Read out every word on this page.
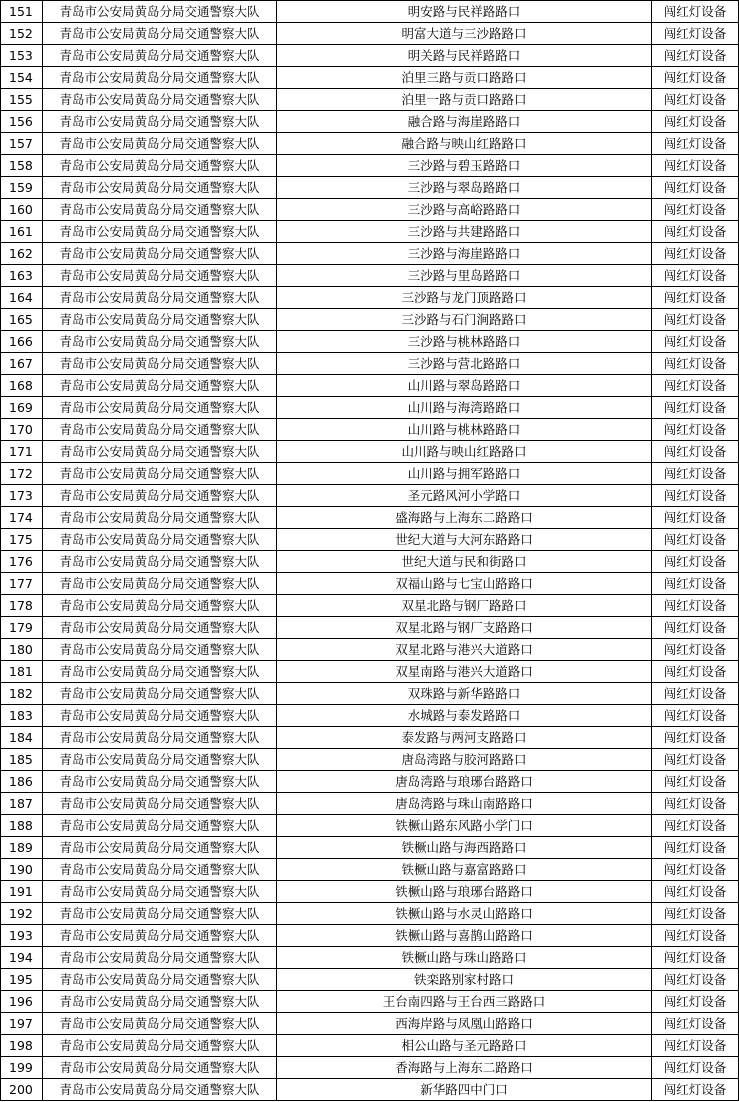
151	青岛市公安局黄岛分局交通警察大队	明安路与民祥路路口	闯红灯设备
152	青岛市公安局黄岛分局交通警察大队	明富大道与三沙路路口	闯红灯设备
153	青岛市公安局黄岛分局交通警察大队	明关路与民祥路路口	闯红灯设备
154	青岛市公安局黄岛分局交通警察大队	泊里三路与贡口路路口	闯红灯设备
155	青岛市公安局黄岛分局交通警察大队	泊里一路与贡口路路口	闯红灯设备
156	青岛市公安局黄岛分局交通警察大队	融合路与海崖路路口	闯红灯设备
157	青岛市公安局黄岛分局交通警察大队	融合路与映山红路路口	闯红灯设备
158	青岛市公安局黄岛分局交通警察大队	三沙路与碧玉路路口	闯红灯设备
159	青岛市公安局黄岛分局交通警察大队	三沙路与翠岛路路口	闯红灯设备
160	青岛市公安局黄岛分局交通警察大队	三沙路与高峪路路口	闯红灯设备
161	青岛市公安局黄岛分局交通警察大队	三沙路与共建路路口	闯红灯设备
162	青岛市公安局黄岛分局交通警察大队	三沙路与海崖路路口	闯红灯设备
163	青岛市公安局黄岛分局交通警察大队	三沙路与里岛路路口	闯红灯设备
164	青岛市公安局黄岛分局交通警察大队	三沙路与龙门顶路路口	闯红灯设备
165	青岛市公安局黄岛分局交通警察大队	三沙路与石门涧路路口	闯红灯设备
166	青岛市公安局黄岛分局交通警察大队	三沙路与桃林路路口	闯红灯设备
167	青岛市公安局黄岛分局交通警察大队	三沙路与营北路路口	闯红灯设备
168	青岛市公安局黄岛分局交通警察大队	山川路与翠岛路路口	闯红灯设备
169	青岛市公安局黄岛分局交通警察大队	山川路与海湾路路口	闯红灯设备
170	青岛市公安局黄岛分局交通警察大队	山川路与桃林路路口	闯红灯设备
171	青岛市公安局黄岛分局交通警察大队	山川路与映山红路路口	闯红灯设备
172	青岛市公安局黄岛分局交通警察大队	山川路与拥军路路口	闯红灯设备
173	青岛市公安局黄岛分局交通警察大队	圣元路风河小学路口	闯红灯设备
174	青岛市公安局黄岛分局交通警察大队	盛海路与上海东二路路口	闯红灯设备
175	青岛市公安局黄岛分局交通警察大队	世纪大道与大河东路路口	闯红灯设备
176	青岛市公安局黄岛分局交通警察大队	世纪大道与民和街路口	闯红灯设备
177	青岛市公安局黄岛分局交通警察大队	双福山路与七宝山路路口	闯红灯设备
178	青岛市公安局黄岛分局交通警察大队	双星北路与钢厂路路口	闯红灯设备
179	青岛市公安局黄岛分局交通警察大队	双星北路与钢厂支路路口	闯红灯设备
180	青岛市公安局黄岛分局交通警察大队	双星北路与港兴大道路口	闯红灯设备
181	青岛市公安局黄岛分局交通警察大队	双星南路与港兴大道路口	闯红灯设备
182	青岛市公安局黄岛分局交通警察大队	双珠路与新华路路口	闯红灯设备
183	青岛市公安局黄岛分局交通警察大队	水城路与泰发路路口	闯红灯设备
184	青岛市公安局黄岛分局交通警察大队	泰发路与两河支路路口	闯红灯设备
185	青岛市公安局黄岛分局交通警察大队	唐岛湾路与胶河路路口	闯红灯设备
186	青岛市公安局黄岛分局交通警察大队	唐岛湾路与琅琊台路路口	闯红灯设备
187	青岛市公安局黄岛分局交通警察大队	唐岛湾路与珠山南路路口	闯红灯设备
188	青岛市公安局黄岛分局交通警察大队	铁橛山路东风路小学门口	闯红灯设备
189	青岛市公安局黄岛分局交通警察大队	铁橛山路与海西路路口	闯红灯设备
190	青岛市公安局黄岛分局交通警察大队	铁橛山路与嘉富路路口	闯红灯设备
191	青岛市公安局黄岛分局交通警察大队	铁橛山路与琅琊台路路口	闯红灯设备
192	青岛市公安局黄岛分局交通警察大队	铁橛山路与水灵山路路口	闯红灯设备
193	青岛市公安局黄岛分局交通警察大队	铁橛山路与喜鹊山路路口	闯红灯设备
194	青岛市公安局黄岛分局交通警察大队	铁橛山路与珠山路路口	闯红灯设备
195	青岛市公安局黄岛分局交通警察大队	铁栾路别家村路口	闯红灯设备
196	青岛市公安局黄岛分局交通警察大队	王台南四路与王台西三路路口	闯红灯设备
197	青岛市公安局黄岛分局交通警察大队	西海岸路与凤凰山路路口	闯红灯设备
198	青岛市公安局黄岛分局交通警察大队	相公山路与圣元路路口	闯红灯设备
199	青岛市公安局黄岛分局交通警察大队	香海路与上海东二路路口	闯红灯设备
200	青岛市公安局黄岛分局交通警察大队	新华路四中门口	闯红灯设备
